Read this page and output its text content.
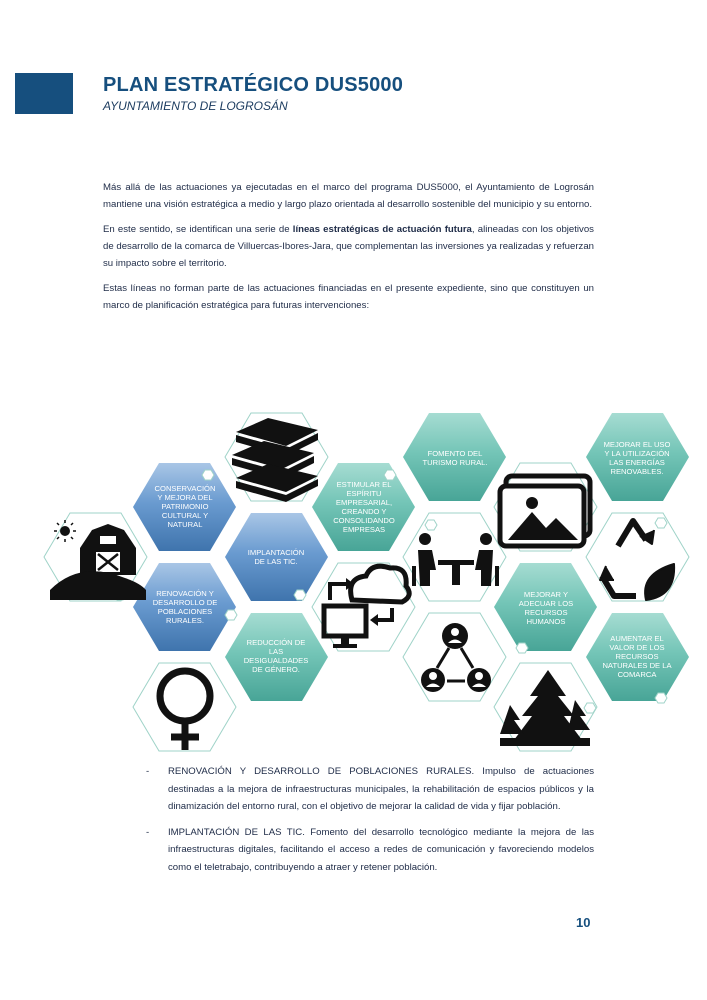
PLAN ESTRATÉGICO DUS5000
AYUNTAMIENTO DE LOGROSÁN

Más allá de las actuaciones ya ejecutadas en el marco del programa DUS5000, el Ayuntamiento de Logrosán mantiene una visión estratégica a medio y largo plazo orientada al desarrollo sostenible del municipio y su entorno.

En este sentido, se identifican una serie de líneas estratégicas de actuación futura, alineadas con los objetivos de desarrollo de la comarca de Villuercas-Ibores-Jara, que complementan las inversiones ya realizadas y refuerzan su impacto sobre el territorio.

Estas líneas no forman parte de las actuaciones financiadas en el presente expediente, sino que constituyen un marco de planificación estratégica para futuras intervenciones:

CONSERVACIÓN Y MEJORA DEL PATRIMONIO CULTURAL Y NATURAL
IMPLANTACIÓN DE LAS TIC.
RENOVACIÓN Y DESARROLLO DE POBLACIONES RURALES.
REDUCCIÓN DE LAS DESIGUALDADES DE GÉNERO.
ESTIMULAR EL ESPÍRITU EMPRESARIAL, CREANDO Y CONSOLIDANDO EMPRESAS
FOMENTO DEL TURISMO RURAL.
MEJORAR Y ADECUAR LOS RECURSOS HUMANOS
MEJORAR EL USO Y LA UTILIZACIÓN LAS ENERGÍAS RENOVABLES.
AUMENTAR EL VALOR DE LOS RECURSOS NATURALES DE LA COMARCA
- RENOVACIÓN Y DESARROLLO DE POBLACIONES RURALES. Impulso de actuaciones destinadas a la mejora de infraestructuras municipales, la rehabilitación de espacios públicos y la dinamización del entorno rural, con el objetivo de mejorar la calidad de vida y fijar población.
- IMPLANTACIÓN DE LAS TIC. Fomento del desarrollo tecnológico mediante la mejora de las infraestructuras digitales, facilitando el acceso a redes de comunicación y favoreciendo modelos como el teletrabajo, contribuyendo a atraer y retener población.
10
